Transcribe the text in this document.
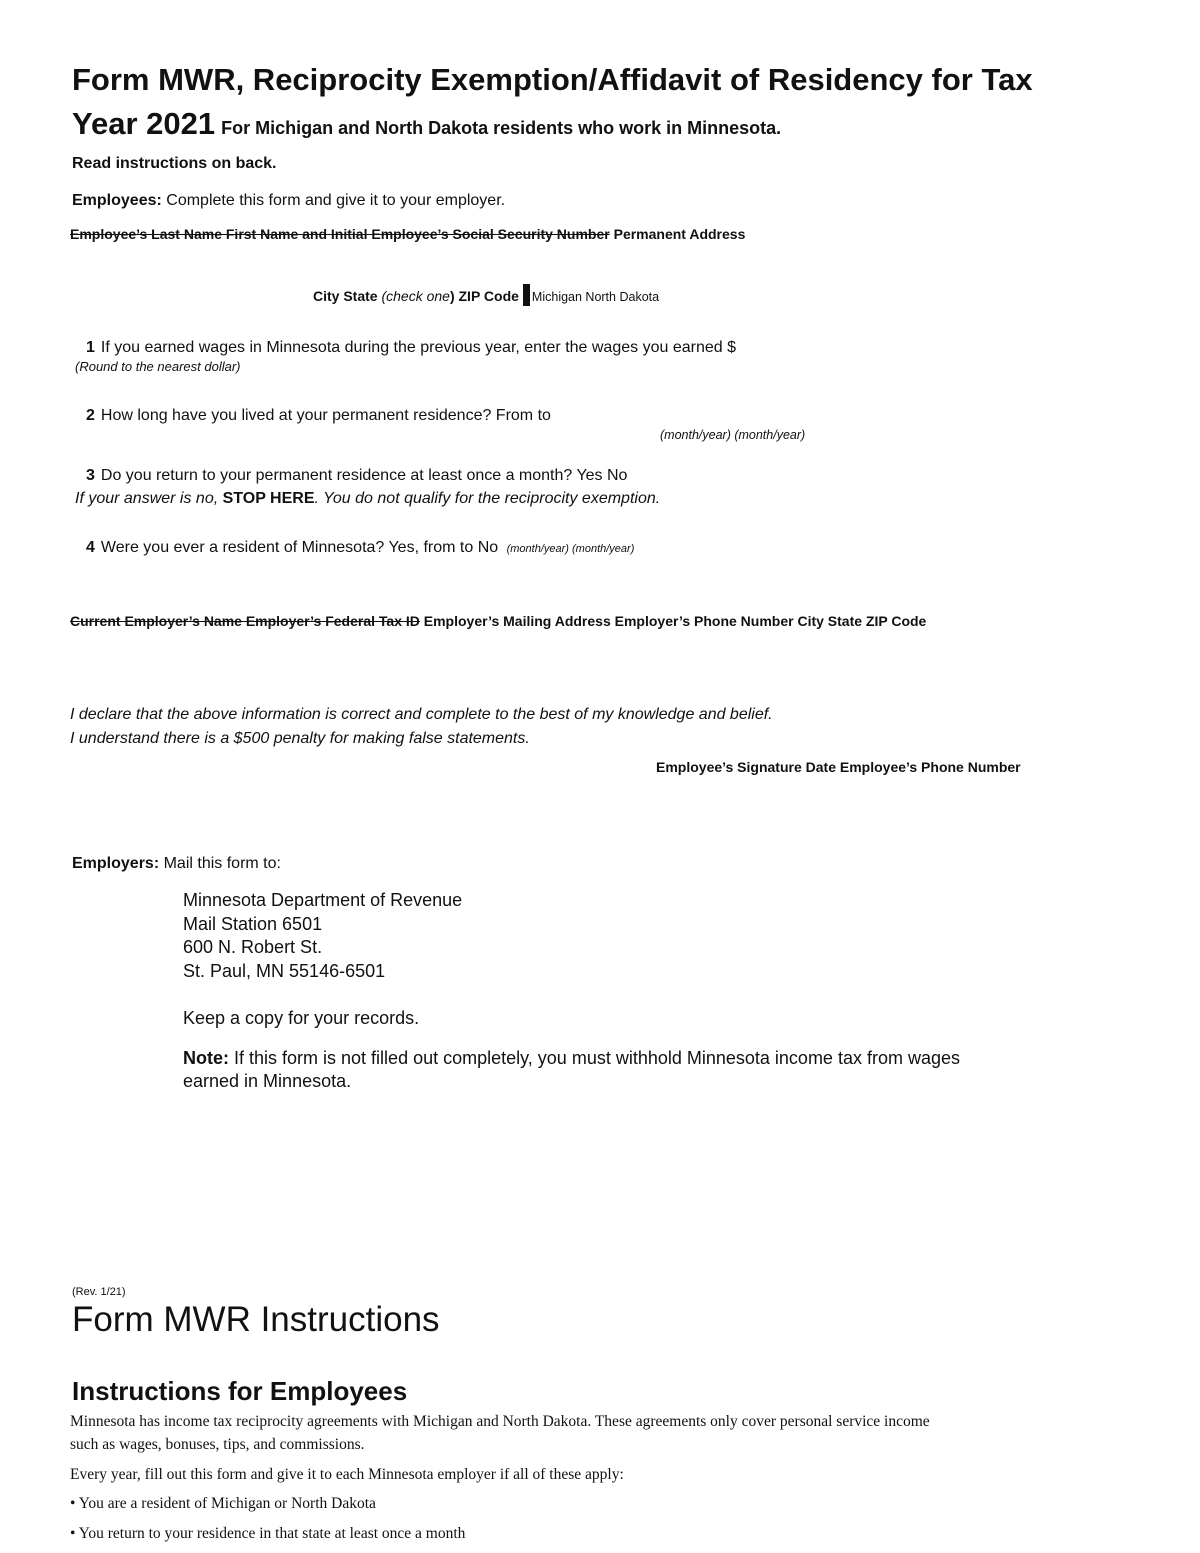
Form MWR, Reciprocity Exemption/Affidavit of Residency for Tax
Year 2021 For Michigan and North Dakota residents who work in Minnesota.
Read instructions on back.
Employees: Complete this form and give it to your employer.
Employee’s Last Name First Name and Initial Employee’s Social Security Number Permanent Address
City State (check one) ZIP Code Michigan North Dakota
1 If you earned wages in Minnesota during the previous year, enter the wages you earned $
(Round to the nearest dollar)
2 How long have you lived at your permanent residence? From to
(month/year) (month/year)
3 Do you return to your permanent residence at least once a month? Yes No
If your answer is no, STOP HERE. You do not qualify for the reciprocity exemption.
4 Were you ever a resident of Minnesota? Yes, from to No (month/year) (month/year)
Current Employer’s Name Employer’s Federal Tax ID Employer’s Mailing Address Employer’s Phone Number City State ZIP Code
I declare that the above information is correct and complete to the best of my knowledge and belief.
I understand there is a $500 penalty for making false statements.
Employee’s Signature Date Employee’s Phone Number
Employers: Mail this form to:
Minnesota Department of Revenue
Mail Station 6501
600 N. Robert St.
St. Paul, MN 55146-6501
Keep a copy for your records.
Note: If this form is not filled out completely, you must withhold Minnesota income tax from wages
earned in Minnesota.
(Rev. 1/21)
Form MWR Instructions
Instructions for Employees
Minnesota has income tax reciprocity agreements with Michigan and North Dakota. These agreements only cover personal service income
such as wages, bonuses, tips, and commissions.
Every year, fill out this form and give it to each Minnesota employer if all of these apply:
• You are a resident of Michigan or North Dakota
• You return to your residence in that state at least once a month
